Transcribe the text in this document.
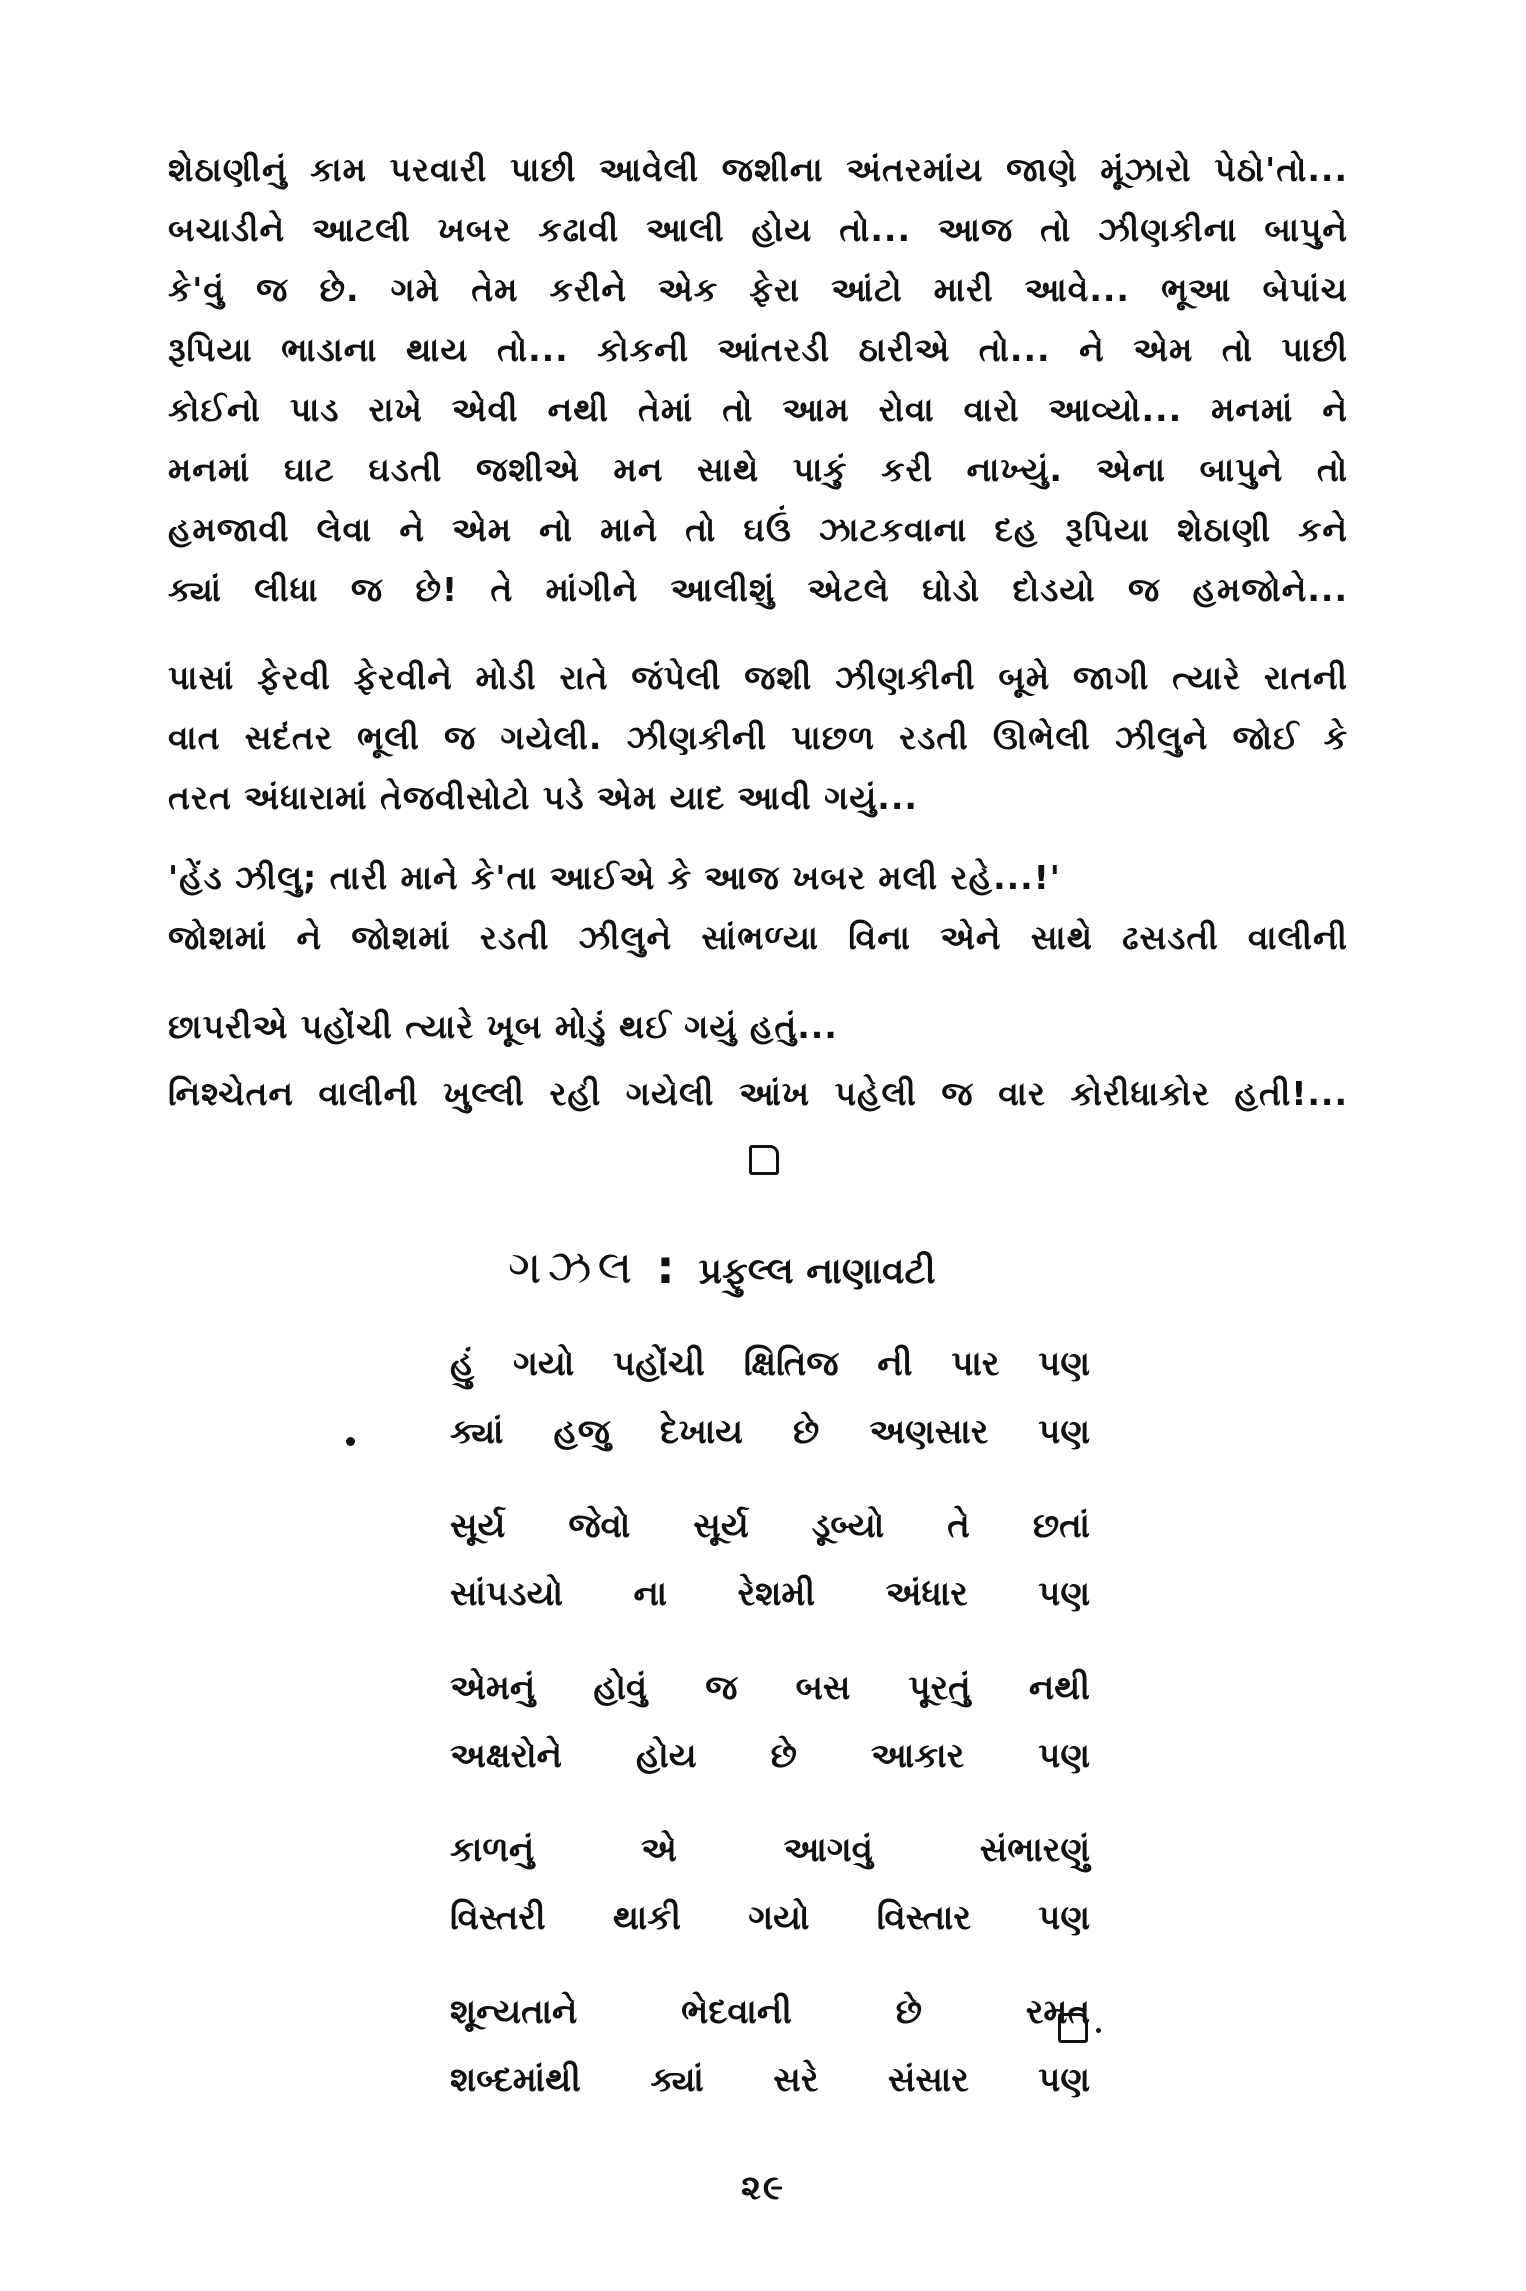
શેઠાણીનું કામ પરવારી પાછી આવેલી જશીના અંતરમાંય જાણે મૂંઝારો પેઠો'તો...
બચાડીને આટલી ખબર કઢાવી આલી હોય તો... આજ તો ઝીણકીના બાપુને
કે'વું જ છે. ગમે તેમ કરીને એક ફેરા આંટો મારી આવે... ભૂઆ બેપાંચ
રૂપિયા ભાડાના થાય તો... કોકની આંતરડી ઠારીએ તો... ને એમ તો પાછી
કોઈનો પાડ રાખે એવી નથી તેમાં તો આમ રોવા વારો આવ્યો... મનમાં ને
મનમાં ઘાટ ઘડતી જશીએ મન સાથે પાકું કરી નાખ્યું. એના બાપુને તો
હમજાવી લેવા ને એમ નો માને તો ઘઉં ઝાટકવાના દહ રૂપિયા શેઠાણી કને
ક્યાં લીધા જ છે! તે માંગીને આલીશું એટલે ઘોડો દોડયો જ હમજોને...
પાસાં ફેરવી ફેરવીને મોડી રાતે જંપેલી જશી ઝીણકીની બૂમે જાગી ત્યારે રાતની
વાત સદંતર ભૂલી જ ગયેલી. ઝીણકીની પાછળ રડતી ઊભેલી ઝીલુને જોઈ કે
તરત અંધારામાં તેજવીસોટો પડે એમ યાદ આવી ગયું...
'હેંડ ઝીલુ; તારી માને કે'તા આઈએ કે આજ ખબર મલી રહે...!'
જોશમાં ને જોશમાં રડતી ઝીલુને સાંભળ્યા વિના એને સાથે ઢસડતી વાલીની
છાપરીએ પહોંચી ત્યારે ખૂબ મોડું થઈ ગયું હતું...
નિશ્ચેતન વાલીની ખુલ્લી રહી ગયેલી આંખ પહેલી જ વાર કોરીધાકોર હતી!...
ગઝલ : પ્રફુલ્લ નાણાવટી
હું ગયો પહોંચી ક્ષિતિજ ની પાર પણ
ક્યાં હજુ દેખાય છે અણસાર પણ
સૂર્ય જેવો સૂર્ય ડૂબ્યો તે છતાં
સાંપડયો ના રેશમી અંધાર પણ
એમનું હોવું જ બસ પૂરતું નથી
અક્ષરોને હોય છે આકાર પણ
કાળનું	એ	આગવું	સંભારણું
વિસ્તરી થાકી ગયો વિસ્તાર પણ
શૂન્યતાને	ભેદવાની	છે	રમત
શબ્દમાંથી ક્યાં સરે સંસાર પણ
૨૯
